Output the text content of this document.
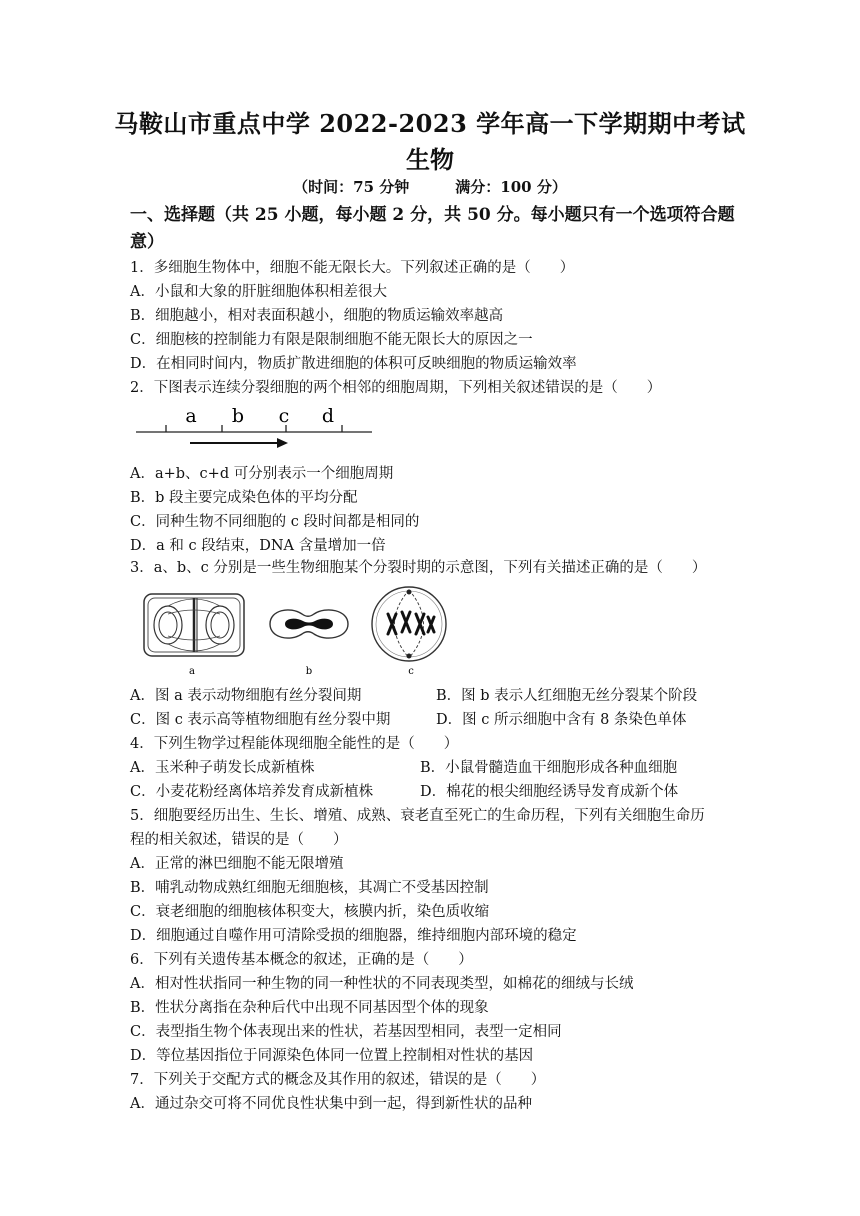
马鞍山市重点中学 2022-2023 学年高一下学期期中考试
生物
（时间：75 分钟	满分：100 分）
一、选择题（共 25 小题，每小题 2 分，共 50 分。每小题只有一个选项符合题
意）
1．多细胞生物体中，细胞不能无限长大。下列叙述正确的是（　　）
A．小鼠和大象的肝脏细胞体积相差很大
B．细胞越小，相对表面积越小，细胞的物质运输效率越高
C．细胞核的控制能力有限是限制细胞不能无限长大的原因之一
D．在相同时间内，物质扩散进细胞的体积可反映细胞的物质运输效率
2．下图表示连续分裂细胞的两个相邻的细胞周期，下列相关叙述错误的是（　　）
a b c d
A．a+b、c+d 可分别表示一个细胞周期
B．b 段主要完成染色体的平均分配
C．同种生物不同细胞的 c 段时间都是相同的
D．a 和 c 段结束，DNA 含量增加一倍
3．a、b、c 分别是一些生物细胞某个分裂时期的示意图，下列有关描述正确的是（　　）
a	b	c
A．图 a 表示动物细胞有丝分裂间期	B．图 b 表示人红细胞无丝分裂某个阶段
C．图 c 表示高等植物细胞有丝分裂中期	D．图 c 所示细胞中含有 8 条染色单体
4．下列生物学过程能体现细胞全能性的是（　　）
A．玉米种子萌发长成新植株	B．小鼠骨髓造血干细胞形成各种血细胞
C．小麦花粉经离体培养发育成新植株	D．棉花的根尖细胞经诱导发育成新个体
5．细胞要经历出生、生长、增殖、成熟、衰老直至死亡的生命历程，下列有关细胞生命历
程的相关叙述，错误的是（　　）
A．正常的淋巴细胞不能无限增殖
B．哺乳动物成熟红细胞无细胞核，其凋亡不受基因控制
C．衰老细胞的细胞核体积变大，核膜内折，染色质收缩
D．细胞通过自噬作用可清除受损的细胞器，维持细胞内部环境的稳定
6．下列有关遗传基本概念的叙述，正确的是（　　）
A．相对性状指同一种生物的同一种性状的不同表现类型，如棉花的细绒与长绒
B．性状分离指在杂种后代中出现不同基因型个体的现象
C．表型指生物个体表现出来的性状，若基因型相同，表型一定相同
D．等位基因指位于同源染色体同一位置上控制相对性状的基因
7．下列关于交配方式的概念及其作用的叙述，错误的是（　　）
A．通过杂交可将不同优良性状集中到一起，得到新性状的品种
